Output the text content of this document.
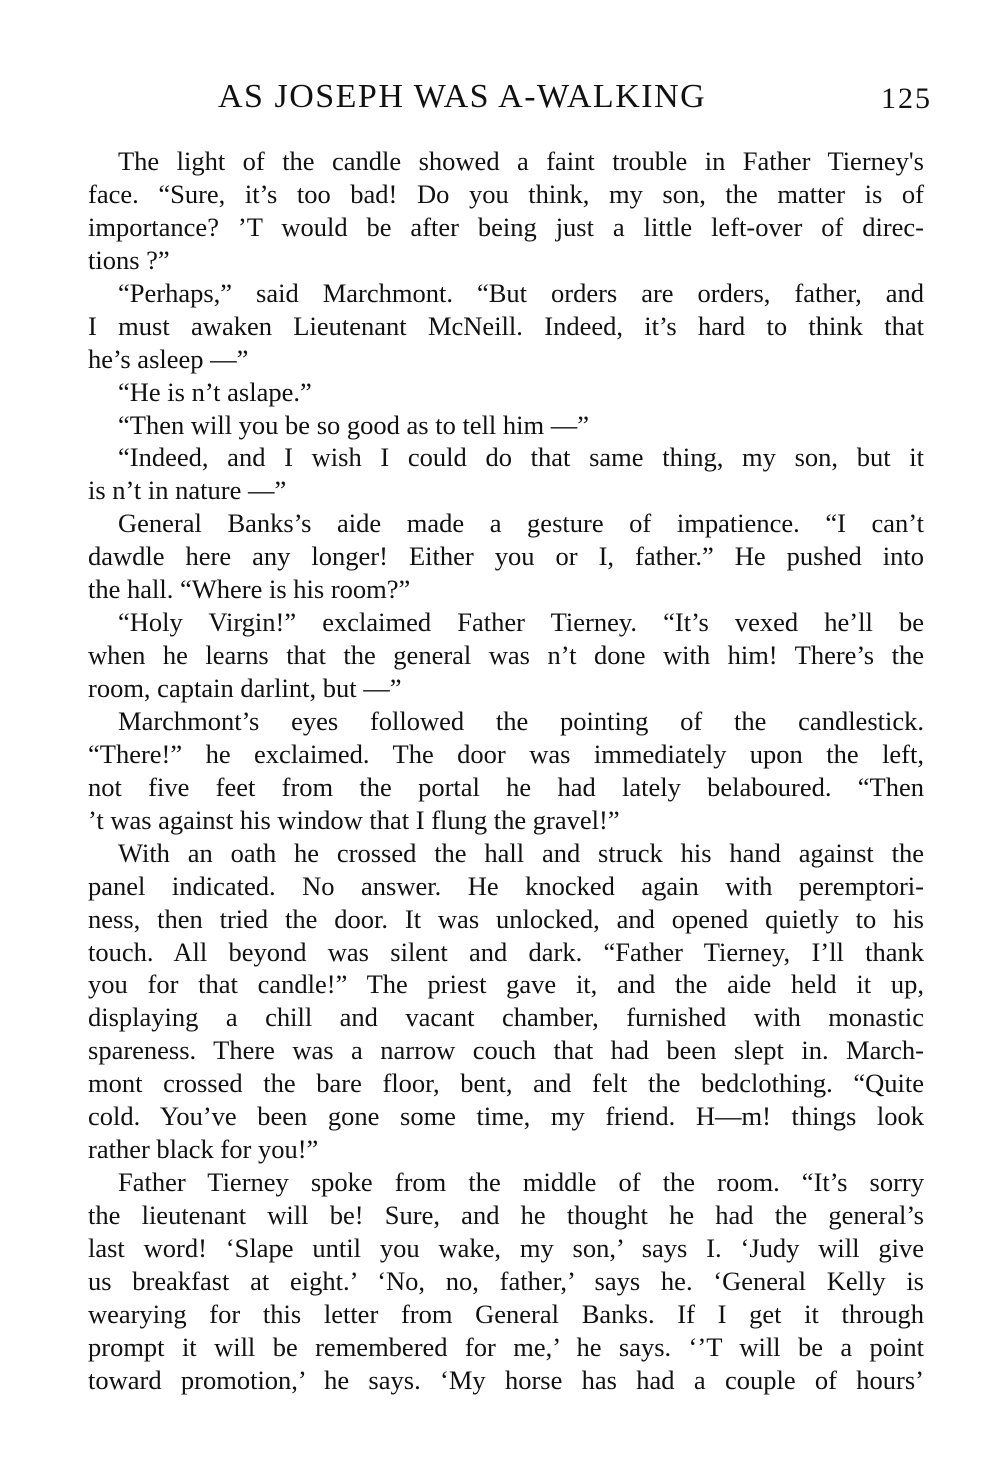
AS JOSEPH WAS A-WALKING	125
The light of the candle showed a faint trouble in Father Tierney's
face. “Sure, it’s too bad! Do you think, my son, the matter is of
importance? ’T would be after being just a little left-over of direc-
tions ?”
“Perhaps,” said Marchmont. “But orders are orders, father, and
I must awaken Lieutenant McNeill. Indeed, it’s hard to think that
he’s asleep —”
“He is n’t aslape.”
“Then will you be so good as to tell him —”
“Indeed, and I wish I could do that same thing, my son, but it
is n’t in nature —”
General Banks’s aide made a gesture of impatience. “I can’t
dawdle here any longer! Either you or I, father.” He pushed into
the hall. “Where is his room?”
“Holy Virgin!” exclaimed Father Tierney. “It’s vexed he’ll be
when he learns that the general was n’t done with him! There’s the
room, captain darlint, but —”
Marchmont’s eyes followed the pointing of the candlestick.
“There!” he exclaimed. The door was immediately upon the left,
not five feet from the portal he had lately belaboured. “Then
’t was against his window that I flung the gravel!”
With an oath he crossed the hall and struck his hand against the
panel indicated. No answer. He knocked again with peremptori-
ness, then tried the door. It was unlocked, and opened quietly to his
touch. All beyond was silent and dark. “Father Tierney, I’ll thank
you for that candle!” The priest gave it, and the aide held it up,
displaying a chill and vacant chamber, furnished with monastic
spareness. There was a narrow couch that had been slept in. March-
mont crossed the bare floor, bent, and felt the bedclothing. “Quite
cold. You’ve been gone some time, my friend. H—m! things look
rather black for you!”
Father Tierney spoke from the middle of the room. “It’s sorry
the lieutenant will be! Sure, and he thought he had the general’s
last word! ‘Slape until you wake, my son,’ says I. ‘Judy will give
us breakfast at eight.’ ‘No, no, father,’ says he. ‘General Kelly is
wearying for this letter from General Banks. If I get it through
prompt it will be remembered for me,’ he says. ‘’T will be a point
toward promotion,’ he says. ‘My horse has had a couple of hours’
